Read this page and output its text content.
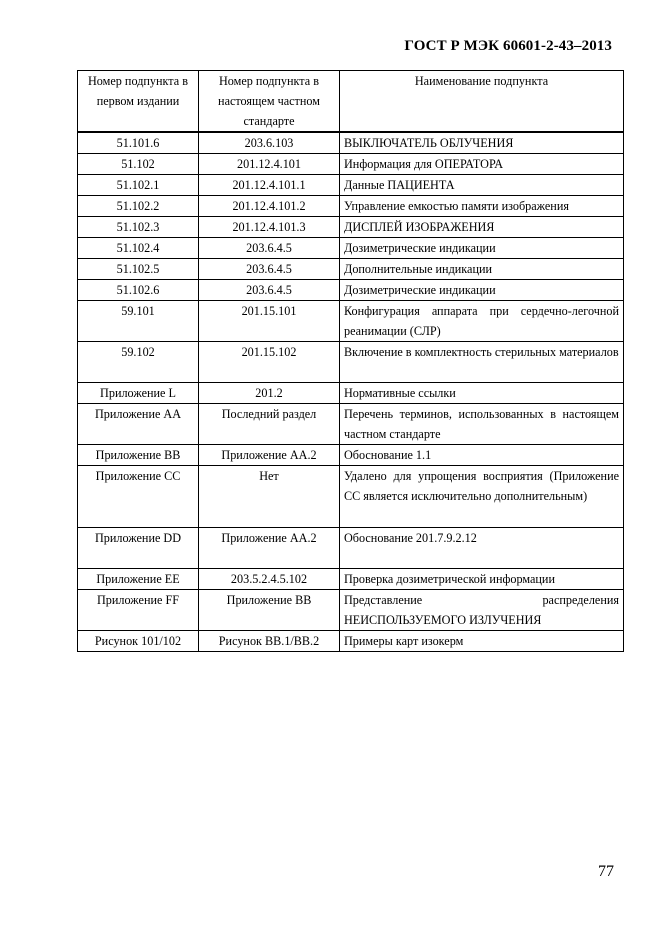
ГОСТ Р МЭК 60601-2-43–2013
Номер подпункта в первом издании	Номер подпункта в настоящем частном стандарте	Наименование подпункта
51.101.6	203.6.103	ВЫКЛЮЧАТЕЛЬ ОБЛУЧЕНИЯ
51.102	201.12.4.101	Информация для ОПЕРАТОРА
51.102.1	201.12.4.101.1	Данные ПАЦИЕНТА
51.102.2	201.12.4.101.2	Управление емкостью памяти изображения
51.102.3	201.12.4.101.3	ДИСПЛЕЙ ИЗОБРАЖЕНИЯ
51.102.4	203.6.4.5	Дозиметрические индикации
51.102.5	203.6.4.5	Дополнительные индикации
51.102.6	203.6.4.5	Дозиметрические индикации
59.101	201.15.101	Конфигурация аппарата при сердечно-легочной реанимации (СЛР)
59.102	201.15.102	Включение в комплектность стерильных материалов
Приложение L	201.2	Нормативные ссылки
Приложение AA	Последний раздел	Перечень терминов, использованных в настоящем частном стандарте
Приложение BB	Приложение AA.2	Обоснование 1.1
Приложение CC	Нет	Удалено для упрощения восприятия (Приложение CC является исключительно дополнительным)
Приложение DD	Приложение AA.2	Обоснование 201.7.9.2.12
Приложение EE	203.5.2.4.5.102	Проверка дозиметрической информации
Приложение FF	Приложение BB	Представление распределения НЕИСПОЛЬЗУЕМОГО ИЗЛУЧЕНИЯ
Рисунок 101/102	Рисунок BB.1/BB.2	Примеры карт изокерм
77
